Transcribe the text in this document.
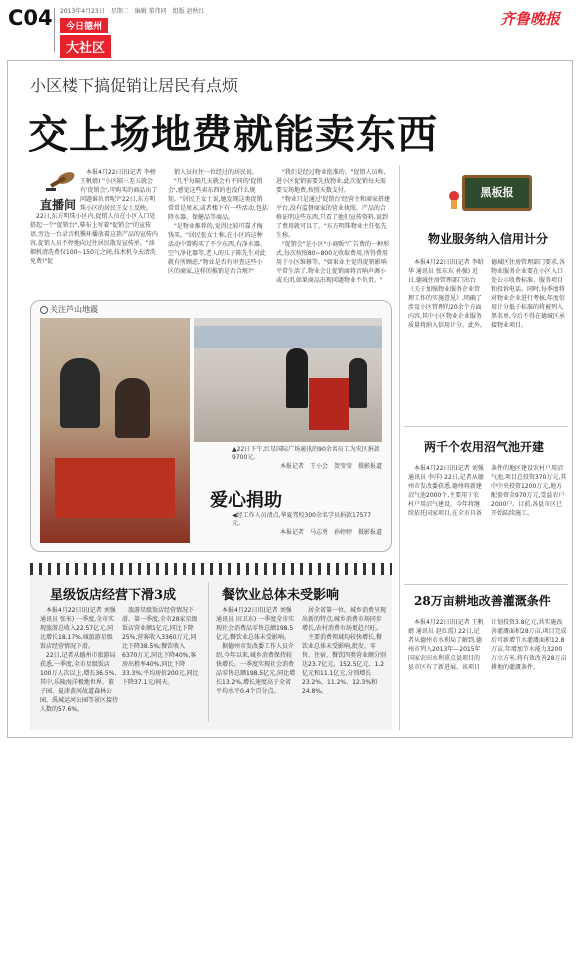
C04 2013年4月23日　星期二　编辑 董伟同　组版 赵秋红
今日德州
大社区
齐鲁晚报
小区楼下搞促销让居民有点烦
交上场地费就能卖东西
直播间

本报4月22日讯(记者 李榜 王帆婧) "小区隔三差五就会有'促销会',可购买的商品出了问题谁负责呢?"22日,东方明珠小区的居民王女士反映。

22日,东方明珠小区内,促销人员在小区入口处搭起一个"促销台",摹布上写着"促销会"的宣传语,旁边一台录音机循环播放着这款产品的宣传内容,促销人员不停地向过往居民散发宣传单。"油烟机清洗费仅100~150元之间,技术机今天清洗免费!"促

销人员拉住一位经过的居民说。

"几乎每隔几天就会有不同的'促销会',感觉这些卖东西的也没什么规矩。"居民王女士说,她发现这类促销常常是周末,或者楼下有一些活动,包括降水器、保健品等商品。

"是物业推荐的,觉得比较可靠才掏钱买。"居民张女士称,在小区的这种活动中曾购买了不少东西,有净水器、空气净化器等,老人的儿子陈先生对此就有所顾虑,"物业是否有审查这些小区的商家,这样的推销是否合规?"

"我们是经过物业批准的。"促销人员称,进小区促销需要先找物业,此次促销每天需要交场地费,按照天数支付。

"物业只是通过'促销台'经营主和商家搭建平台,没有监督商家的营业执照、产品的合格证明这些东西,只看了他们宣传资料,说到了费用就可以了。"东方明珠物业主任张先生称。

"促销会"是小区"小商贩"广告费的一种形式,每次按照80~800元收取费用,所得费用用于小区维修等。"如果业主觉得促销影响平常生活了,物业会让促销商将音响声调小或关闭,如果商品出现问题物业不负责。"

关注芦山地震
▲22日下午,红星国际广场通讯的90余名员工为灾区捐款9700元。
本报记者　王小会　贺莹莹　摄影报道
爱心捐助
◀经工作人员清点,华夏驾校300余名学员捐款17577元。
本报记者　马志勇　孙婷婷　摄影报道
星级饭店经营下滑3成

本报4月22日讯(记者 刘强 通讯员 张米) 一季度,全市实现旅游总收入22.57亿元,同比增长18.17%,城旅游星级饭店经营情况下滑。

22日,记者从德州市旅游局获悉,一季度,全市星级饭店100万人次以上,增长36.5%,其中,乐陵海洋极地世界、董子园、夏津黄河故道森林公园、禹城运河公园等景区接待人数的57.6%。

旅游星级饭店经营情况下滑。第一季度,全市28家星级饭店营业额1亿元,同比下降25%,营客收入3360万元,同比下降38.5%;餐饮收入6370万元,同比下降40%,客房出租率40%,同比下降33.3%;平均房价200元,同比下降37.1元/间天。

餐饮业总体未受影响

本报4月22日讯(记者 刘强 通讯员 田卫东) 一季度全市实现社会消费品零售总额198.5亿元,餐饮业总体未受影响。

据德州市发改委工作人员介绍,今年以来,城乡消费保持较快增长。一季度实现社会消费品零售总额198.5亿元,同比增长13.2%,增长速度高于全省平均水平0.4个百分点。

居全省第一位。城乡消费呈现出新的特点,城乡消费市场同步增长,农村消费市场更趋兴旺。

主要消费领域均较快增长,餐饮业总体未受影响,批发、零售、住宿、餐饮四类营业额分别达23.7亿元、152.5亿元、1.2亿元和11.1亿元,分别增长23.2%、11.2%、12.3%和24.8%。

黑板报
物业服务纳入信用计分

本报4月22日讯(记者 李昭华 通讯员 张东东 孙强) 近日,德城住房管理部门出台《关于加强物业服务企业管理工作的实施意见》,明确了涉及小区管理的20余个方面内容,其中小区物业企业服务质量将纳入信用计分。此外,德城区住房管理部门要求,各物业服务企业要在小区入口处公示收费标准、服务项目和投诉电话。同时,每季度将对物业企业进行考核,年度信用计分低于标准的将被列入黑名单,今后不得在德城区承接物业项目。

两千个农用沼气池开建

本报4月22日讯(记者 刘强 通讯员 李洋) 22日,记者从德州市发改委获悉,德州将新建沼气池2000个,主要用于农村户用沼气建设。今年将继续依托国家项目,在全市具备条件的地区建设农村户用沼气池,项目总投资370万元,其中中央投资1200万元,地方配套资金970万元,受益农户2000户。目前,各县市区已开始陆续施工。

28万亩耕地改善灌溉条件

本报4月22日讯(记者 王帆婧 通讯员 赵红霞) 22日,记者从德州市水利局了解到,德州市列入2013年—2015年国家农田水利重点县项目的县市区有了新进展。该项目计划投资3.8亿元,共实施改善灌溉面积28万亩,项目完成后可新增节水灌溉面积12.8万亩,年增加节水能力3200万立方米,将有效改善28万亩耕地的灌溉条件。
